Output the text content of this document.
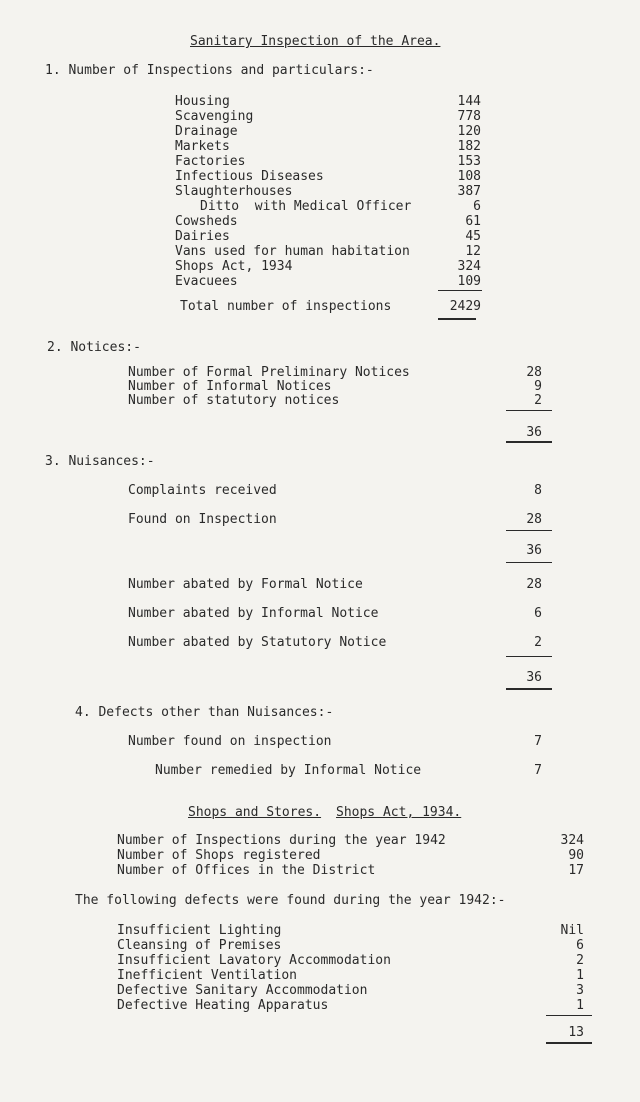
Sanitary Inspection of the Area.
1. Number of Inspections and particulars:-
Housing	144
Scavenging	778
Drainage	120
Markets	182
Factories	153
Infectious Diseases	108
Slaughterhouses	387
Ditto  with Medical Officer	6
Cowsheds	61
Dairies	45
Vans used for human habitation	12
Shops Act, 1934	324
Evacuees	109
Total number of inspections	2429
2. Notices:-
Number of Formal Preliminary Notices	28
Number of Informal Notices	9
Number of statutory notices	2
36
3. Nuisances:-
Complaints received	8
Found on Inspection	28
36
Number abated by Formal Notice	28
Number abated by Informal Notice	6
Number abated by Statutory Notice	2
36
4. Defects other than Nuisances:-
Number found on inspection	7
Number remedied by Informal Notice	7
Shops and Stores. Shops Act, 1934.
Number of Inspections during the year 1942	324
Number of Shops registered	90
Number of Offices in the District	17
The following defects were found during the year 1942:-
Insufficient Lighting	Nil
Cleansing of Premises	6
Insufficient Lavatory Accommodation	2
Inefficient Ventilation	1
Defective Sanitary Accommodation	3
Defective Heating Apparatus	1
13
